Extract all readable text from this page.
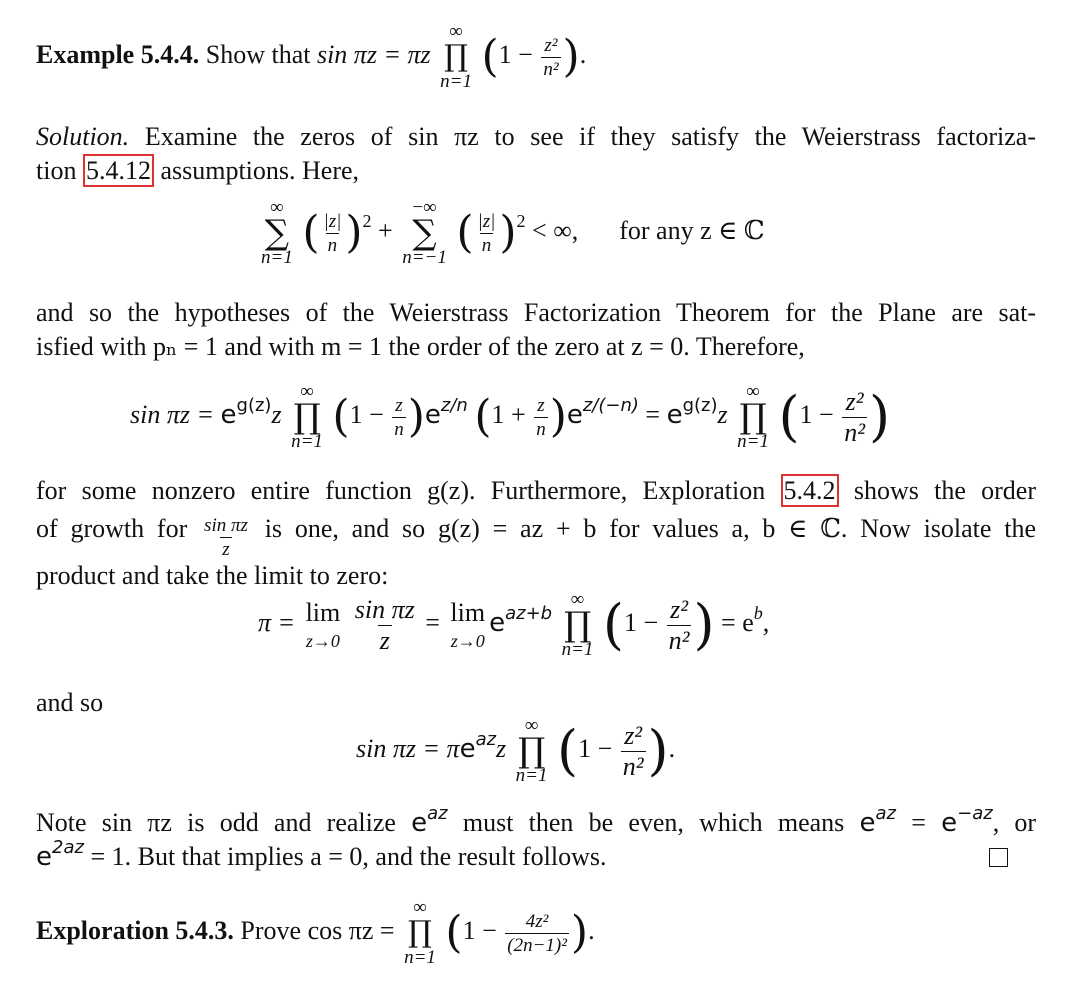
Example 5.4.4. Show that sin πz = πz
∞
∏
n=1 ($1 - \frac{\text{z²}}{\text{n²}}$ ).
Solution. Examine the zeros of sin πz to see if they satisfy the Weierstrass factoriza-
tion 5.4.12 assumptions. Here,
∞
∑
n=1 ( $\frac{|z|}{n} )^2$ +
−∞
∑
n=−1 ( $\frac{|z|}{n} )^2$ < ∞, for any z ∈ ℂ
and so the hypotheses of the Weierstrass Factorization Theorem for the Plane are sat-
isfied with pₙ = 1 and with m = 1 the order of the zero at z = 0. Therefore,
$\sin \pi z = e^{g(z)}z$
∞
∏
n=1 $(1 - \frac{z}{n} )e^{z/n}$ $(1 + \frac{z}{n} )e^{z/(-n)} = e^{g(z)}z$
∞
∏
n=1 ($1 - \frac{\text{z²}}{\text{n²}}$ )
for some nonzero entire function g(z). Furthermore, Exploration 5.4.2 shows the order
of growth for $\frac{\text{sin πz}}{z}$ is one, and so g(z) = az + b for values a, b ∈ ℂ. Now isolate the
product and take the limit to zero:
π = lim
z→0
$\frac{\text{sin πz}}{z} = \lim$
z→0
$e^{az+b}$
∞
∏
n=1 ($1 - \frac{\text{z²}}{\text{n²}}$ ) = $e^b$,
and so
$\sin \pi z = \pi e^{az}z$
∞
∏
n=1 ($1 - \frac{\text{z²}}{\text{n²}}$ ).
Note sin πz is odd and realize $e^{az}$ must then be even, which means $e^{az} = e^{-az}$, or
$e^{2az} = 1$. But that implies a = 0, and the result follows.
Exploration 5.4.3. Prove cos πz =
∞
∏
n=1 ($1 - \frac{\text{4z²}}{\text{(2n−1)²}}$ ).
